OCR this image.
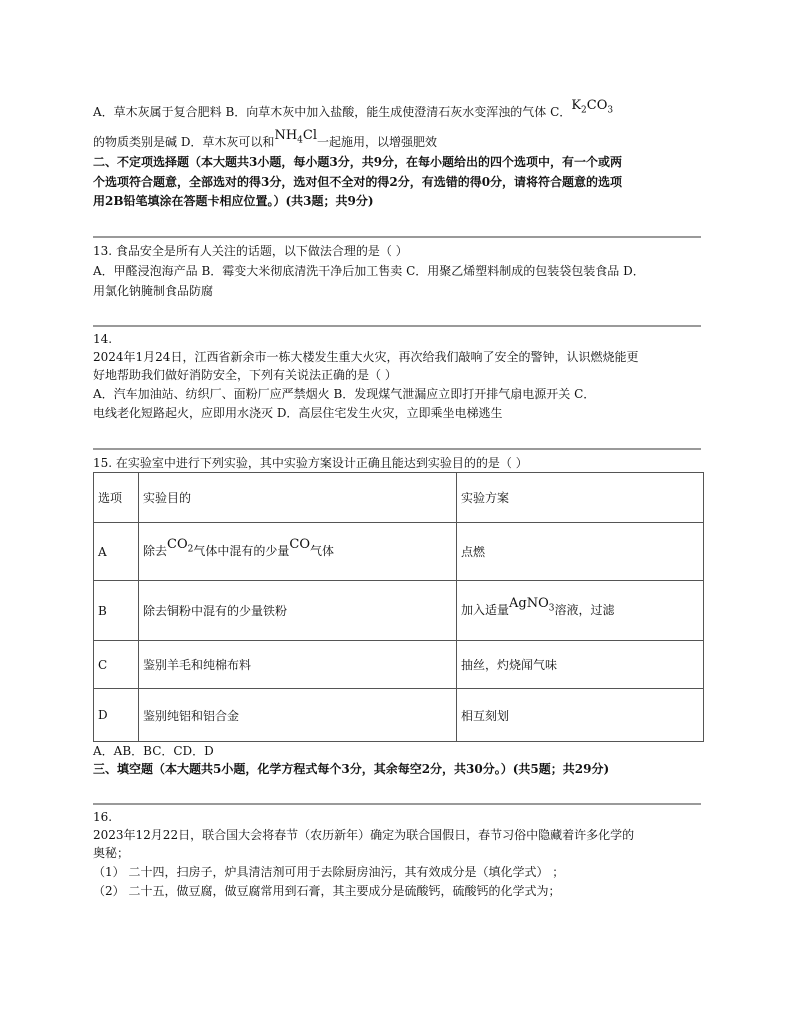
A．草木灰属于复合肥料 B．向草木灰中加入盐酸，能生成使澄清石灰水变浑浊的气体 C．$K_2CO_3$
的物质类别是碱 D．草木灰可以和$NH_4Cl$一起施用，以增强肥效
二、不定项选择题（本大题共3小题，每小题3分，共9分，在每小题给出的四个选项中，有一个或两
个选项符合题意，全部选对的得3分，选对但不全对的得2分，有选错的得0分，请将符合题意的选项
用2B铅笔填涂在答题卡相应位置。）(共3题；共9分)
13. 食品安全是所有人关注的话题，以下做法合理的是（ ）
A．甲醛浸泡海产品 B．霉变大米彻底清洗干净后加工售卖 C．用聚乙烯塑料制成的包装袋包装食品 D．
用氯化钠腌制食品防腐
14.
2024年1月24日，江西省新余市一栋大楼发生重大火灾，再次给我们敲响了安全的警钟，认识燃烧能更
好地帮助我们做好消防安全，下列有关说法正确的是（ ）
A．汽车加油站、纺织厂、面粉厂应严禁烟火 B．发现煤气泄漏应立即打开排气扇电源开关 C．
电线老化短路起火，应即用水浇灭 D．高层住宅发生火灾，立即乘坐电梯逃生
15. 在实验室中进行下列实验，其中实验方案设计正确且能达到实验目的的是（ ）
选项	实验目的	实验方案
A	除去$CO_2$气体中混有的少量CO气体	点燃
B	除去铜粉中混有的少量铁粉	加入适量AgNO$_3$溶液，过滤
C	鉴别羊毛和纯棉布料	抽丝，灼烧闻气味
D	鉴别纯铝和铝合金	相互刻划
A．AB．BC．CD．D
三、填空题（本大题共5小题，化学方程式每个3分，其余每空2分，共30分。）(共5题；共29分)
16.
2023年12月22日，联合国大会将春节（农历新年）确定为联合国假日，春节习俗中隐藏着许多化学的
奥秘；
（1） 二十四，扫房子，炉具清洁剂可用于去除厨房油污，其有效成分是（填化学式） ；
（2） 二十五，做豆腐，做豆腐常用到石膏，其主要成分是硫酸钙，硫酸钙的化学式为；
